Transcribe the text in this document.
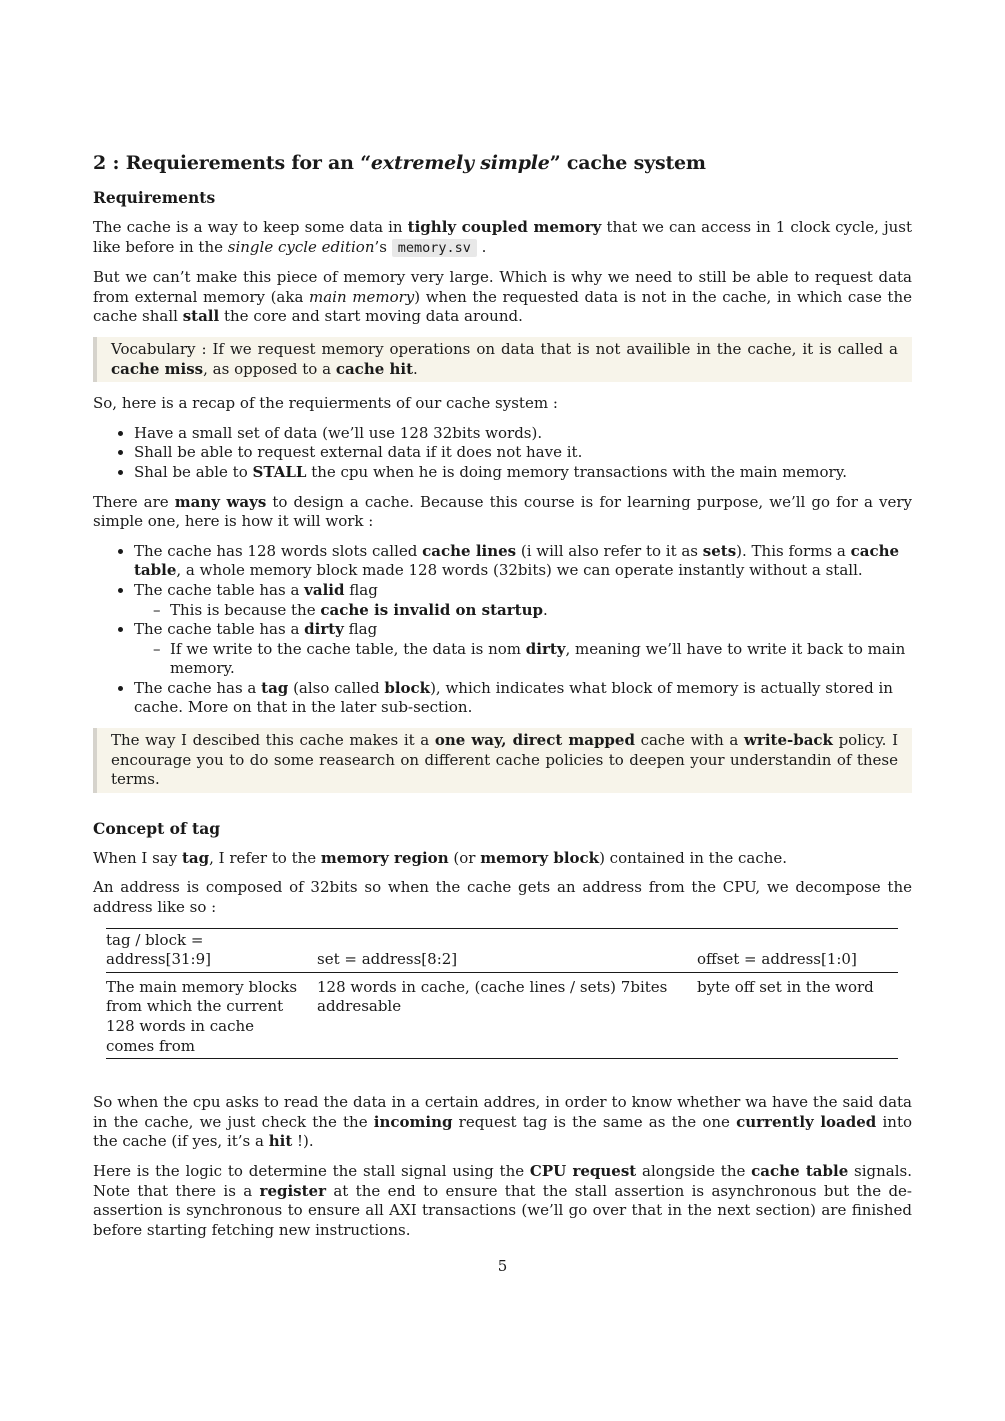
2 : Requierements for an “extremely simple” cache system
Requirements

The cache is a way to keep some data in tighly coupled memory that we can access in 1 clock cycle, just like before in the single cycle edition’s memory.sv .

But we can’t make this piece of memory very large. Which is why we need to still be able to request data from external memory (aka main memory) when the requested data is not in the cache, in which case the cache shall stall the core and start moving data around.

Vocabulary : If we request memory operations on data that is not availible in the cache, it is called a cache miss, as opposed to a cache hit.

So, here is a recap of the requierments of our cache system :

• Have a small set of data (we’ll use 128 32bits words).
• Shall be able to request external data if it does not have it.
• Shal be able to STALL the cpu when he is doing memory transactions with the main memory.

There are many ways to design a cache. Because this course is for learning purpose, we’ll go for a very simple one, here is how it will work :

• The cache has 128 words slots called cache lines (i will also refer to it as sets). This forms a cache table, a whole memory block made 128 words (32bits) we can operate instantly without a stall.
• The cache table has a valid flag
– This is because the cache is invalid on startup.
• The cache table has a dirty flag
– If we write to the cache table, the data is nom dirty, meaning we’ll have to write it back to main memory.
• The cache has a tag (also called block), which indicates what block of memory is actually stored in cache. More on that in the later sub-section.
The way I descibed this cache makes it a one way, direct mapped cache with a write-back policy. I encourage you to do some reasearch on different cache policies to deepen your understandin of these terms.
Concept of tag

When I say tag, I refer to the memory region (or memory block) contained in the cache.

An address is composed of 32bits so when the cache gets an address from the CPU, we decompose the address like so :

tag / block = address[31:9]	set = address[8:2]	offset = address[1:0]
The main memory blocks from which the current 128 words in cache comes from	128 words in cache, (cache lines / sets) 7bites addresable	byte off set in the word

So when the cpu asks to read the data in a certain addres, in order to know whether wa have the said data in the cache, we just check the the incoming request tag is the same as the one currently loaded into the cache (if yes, it’s a hit !).

Here is the logic to determine the stall signal using the CPU request alongside the cache table signals. Note that there is a register at the end to ensure that the stall assertion is asynchronous but the de-assertion is synchronous to ensure all AXI transactions (we’ll go over that in the next section) are finished before starting fetching new instructions.

5
